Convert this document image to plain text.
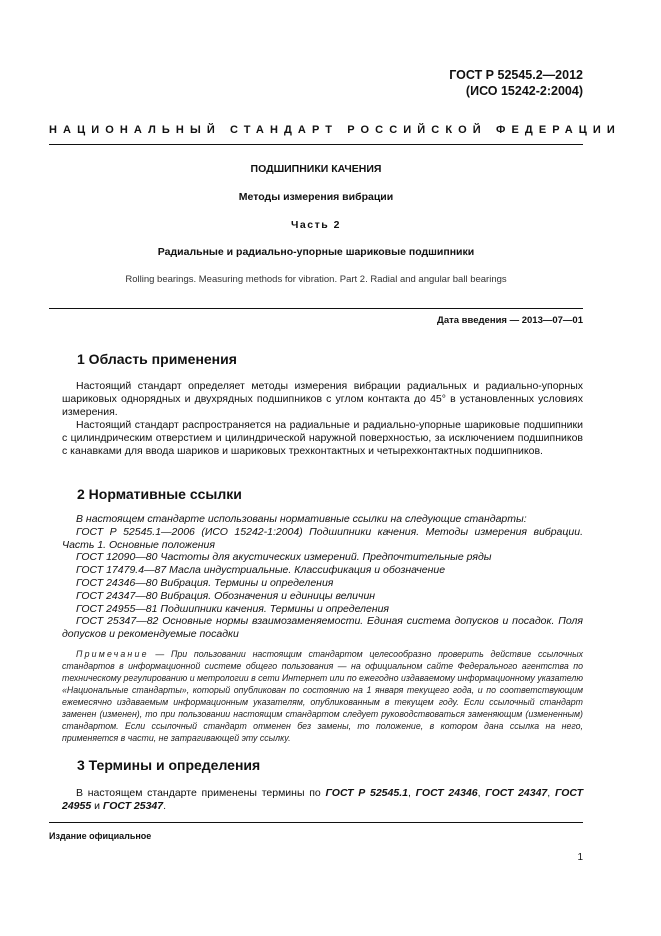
ГОСТ Р 52545.2—2012
(ИСО 15242-2:2004)
НАЦИОНАЛЬНЫЙ СТАНДАРТ РОССИЙСКОЙ ФЕДЕРАЦИИ
ПОДШИПНИКИ КАЧЕНИЯ
Методы измерения вибрации
Часть 2
Радиальные и радиально-упорные шариковые подшипники
Rolling bearings. Measuring methods for vibration. Part 2. Radial and angular ball bearings
Дата введения — 2013—07—01
1 Область применения

Настоящий стандарт определяет методы измерения вибрации радиальных и радиально-упорных шариковых однорядных и двухрядных подшипников с углом контакта до 45° в установленных условиях измерения.

Настоящий стандарт распространяется на радиальные и радиально-упорные шариковые подшипники с цилиндрическим отверстием и цилиндрической наружной поверхностью, за исключением подшипников с канавками для ввода шариков и шариковых трехконтактных и четырехконтактных подшипников.

2 Нормативные ссылки
В настоящем стандарте использованы нормативные ссылки на следующие стандарты:
ГОСТ Р 52545.1—2006 (ИСО 15242-1:2004) Подшипники качения. Методы измерения вибрации. Часть 1. Основные положения
ГОСТ 12090—80 Частоты для акустических измерений. Предпочтительные ряды
ГОСТ 17479.4—87 Масла индустриальные. Классификация и обозначение
ГОСТ 24346—80 Вибрация. Термины и определения
ГОСТ 24347—80 Вибрация. Обозначения и единицы величин
ГОСТ 24955—81 Подшипники качения. Термины и определения
ГОСТ 25347—82 Основные нормы взаимозаменяемости. Единая система допусков и посадок. Поля допусков и рекомендуемые посадки

Примечание — При пользовании настоящим стандартом целесообразно проверить действие ссылочных стандартов в информационной системе общего пользования — на официальном сайте Федерального агентства по техническому регулированию и метрологии в сети Интернет или по ежегодно издаваемому информационному указателю «Национальные стандарты», который опубликован по состоянию на 1 января текущего года, и по соответствующим ежемесячно издаваемым информационным указателям, опубликованным в текущем году. Если ссылочный стандарт заменен (изменен), то при пользовании настоящим стандартом следует руководствоваться заменяющим (измененным) стандартом. Если ссылочный стандарт отменен без замены, то положение, в котором дана ссылка на него, применяется в части, не затрагивающей эту ссылку.

3 Термины и определения

В настоящем стандарте применены термины по ГОСТ Р 52545.1, ГОСТ 24346, ГОСТ 24347, ГОСТ 24955 и ГОСТ 25347.

Издание официальное
1
